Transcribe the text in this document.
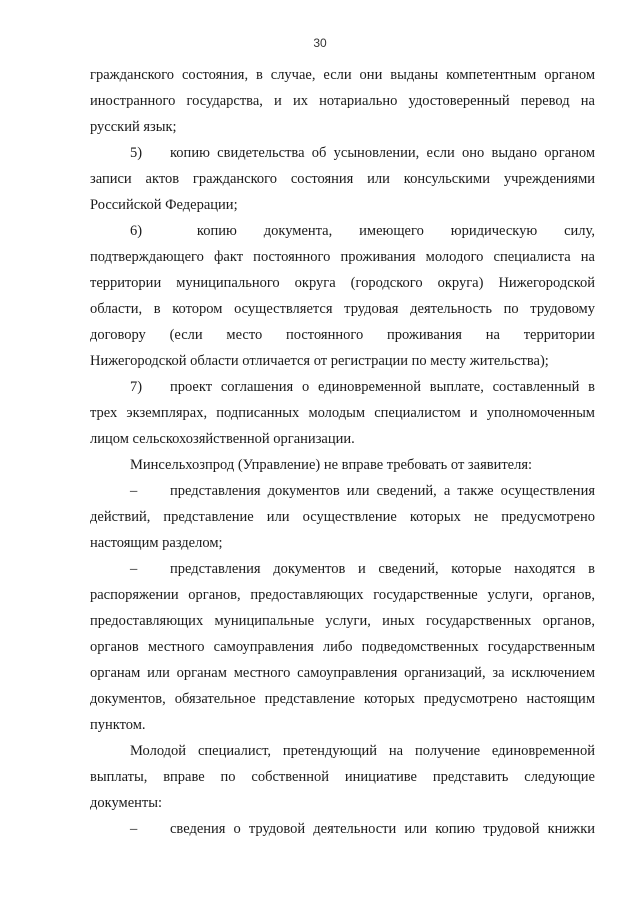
30
гражданского состояния, в случае, если они выданы компетентным органом
иностранного государства, и их нотариально удостоверенный перевод на
русский язык;
5)	копию свидетельства об усыновлении, если оно выдано органом
записи актов гражданского состояния или консульскими учреждениями
Российской Федерации;
6)	копию документа, имеющего юридическую силу,
подтверждающего факт постоянного проживания молодого специалиста на
территории муниципального округа (городского округа) Нижегородской
области, в котором осуществляется трудовая деятельность по трудовому
договору (если место постоянного проживания на территории
Нижегородской области отличается от регистрации по месту жительства);
7)	проект соглашения о единовременной выплате, составленный в
трех экземплярах, подписанных молодым специалистом и уполномоченным
лицом сельскохозяйственной организации.
Минсельхозпрод (Управление) не вправе требовать от заявителя:
–	представления документов или сведений, а также осуществления
действий, представление или осуществление которых не предусмотрено
настоящим разделом;
–	представления документов и сведений, которые находятся в
распоряжении органов, предоставляющих государственные услуги, органов,
предоставляющих муниципальные услуги, иных государственных органов,
органов местного самоуправления либо подведомственных государственным
органам или органам местного самоуправления организаций, за исключением
документов, обязательное представление которых предусмотрено настоящим
пунктом.
Молодой специалист, претендующий на получение единовременной
выплаты, вправе по собственной инициативе представить следующие
документы:
–	сведения о трудовой деятельности или копию трудовой книжки
